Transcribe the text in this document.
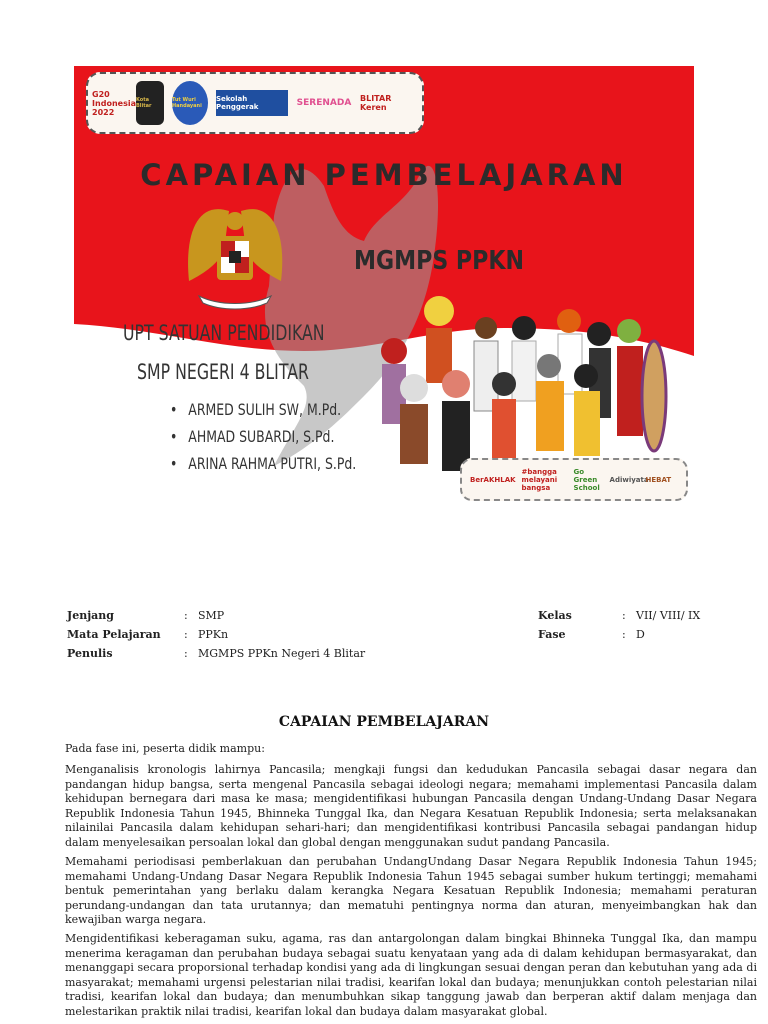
G20 Indonesia 2022
Kota Blitar
Tut Wuri Handayani
Sekolah Penggerak	SERENADA BLITAR Keren
CAPAIAN PEMBELAJARAN
MGMPS PPKN
UPT SATUAN PENDIDIKAN
SMP NEGERI 4 BLITAR
• ARMED SULIH SW, M.Pd.
• AHMAD SUBARDI, S.Pd.
• ARINA RAHMA PUTRI, S.Pd.
BerAKHLAK
#bangga melayani bangsa
Go Green School
Adiwiyata
HEBAT
Jenjang	: SMP
Mata Pelajaran : PPKn
Penulis	: MGMPS PPKn Negeri 4 Blitar
Kelas	: VII/ VIII/ IX
Fase	: D
CAPAIAN PEMBELAJARAN

Pada fase ini, peserta didik mampu:

Menganalisis kronologis lahirnya Pancasila; mengkaji fungsi dan kedudukan Pancasila sebagai dasar negara dan pandangan hidup bangsa, serta mengenal Pancasila sebagai ideologi negara; memahami implementasi Pancasila dalam kehidupan bernegara dari masa ke masa; mengidentifikasi hubungan Pancasila dengan Undang-Undang Dasar Negara Republik Indonesia Tahun 1945, Bhinneka Tunggal Ika, dan Negara Kesatuan Republik Indonesia; serta melaksanakan nilainilai Pancasila dalam kehidupan sehari-hari; dan mengidentifikasi kontribusi Pancasila sebagai pandangan hidup dalam menyelesaikan persoalan lokal dan global dengan menggunakan sudut pandang Pancasila.

Memahami periodisasi pemberlakuan dan perubahan UndangUndang Dasar Negara Republik Indonesia Tahun 1945; memahami Undang-Undang Dasar Negara Republik Indonesia Tahun 1945 sebagai sumber hukum tertinggi; memahami bentuk pemerintahan yang berlaku dalam kerangka Negara Kesatuan Republik Indonesia; memahami peraturan perundang-undangan dan tata urutannya; dan mematuhi pentingnya norma dan aturan, menyeimbangkan hak dan kewajiban warga negara.

Mengidentifikasi keberagaman suku, agama, ras dan antargolongan dalam bingkai Bhinneka Tunggal Ika, dan mampu menerima keragaman dan perubahan budaya sebagai suatu kenyataan yang ada di dalam kehidupan bermasyarakat, dan menanggapi secara proporsional terhadap kondisi yang ada di lingkungan sesuai dengan peran dan kebutuhan yang ada di masyarakat; memahami urgensi pelestarian nilai tradisi, kearifan lokal dan budaya; menunjukkan contoh pelestarian nilai tradisi, kearifan lokal dan budaya; dan menumbuhkan sikap tanggung jawab dan berperan aktif dalam menjaga dan melestarikan praktik nilai tradisi, kearifan lokal dan budaya dalam masyarakat global.
